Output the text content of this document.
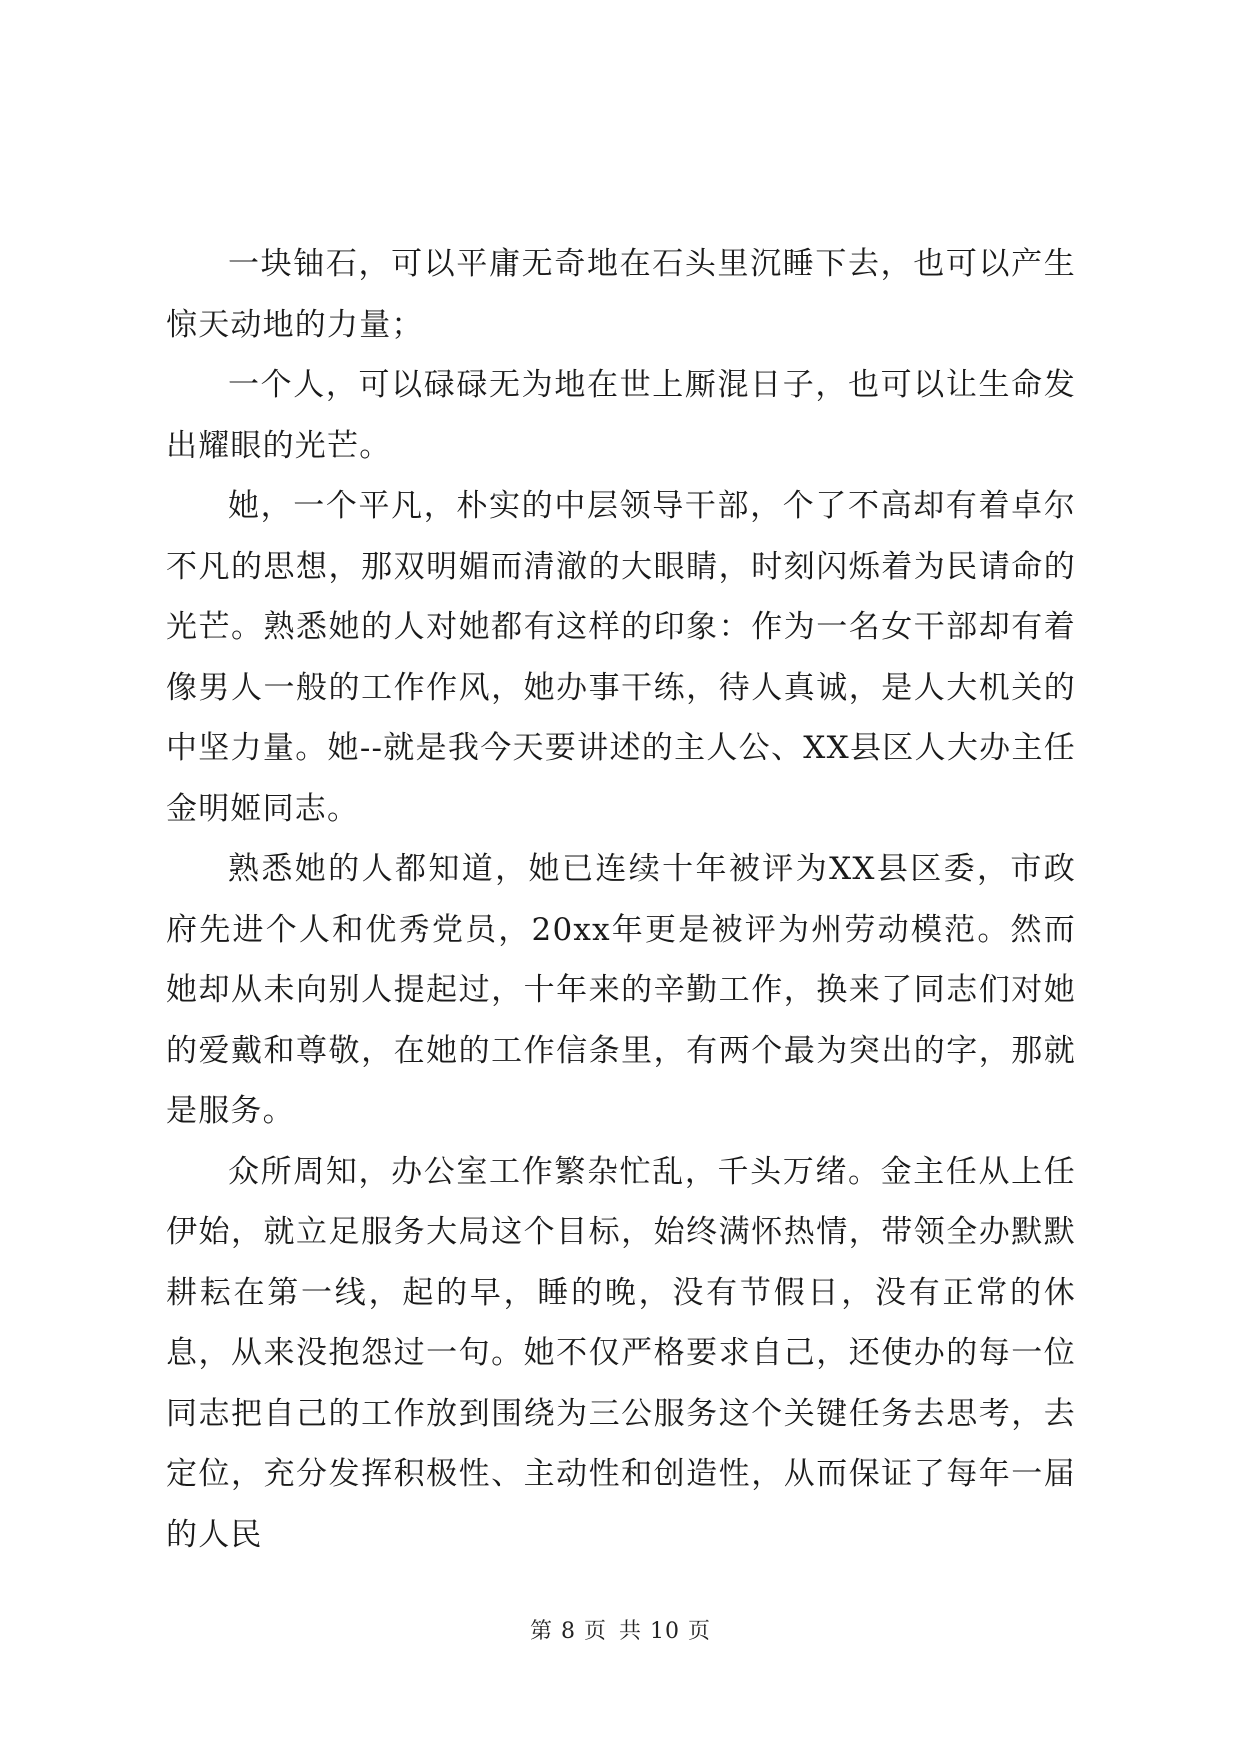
一块铀石，可以平庸无奇地在石头里沉睡下去，也可以产生惊天动地的力量；

一个人，可以碌碌无为地在世上厮混日子，也可以让生命发出耀眼的光芒。

她，一个平凡，朴实的中层领导干部，个了不高却有着卓尔不凡的思想，那双明媚而清澈的大眼睛，时刻闪烁着为民请命的光芒。熟悉她的人对她都有这样的印象：作为一名女干部却有着像男人一般的工作作风，她办事干练，待人真诚，是人大机关的中坚力量。她--就是我今天要讲述的主人公、XX县区人大办主任金明姬同志。

熟悉她的人都知道，她已连续十年被评为XX县区委，市政府先进个人和优秀党员，20xx年更是被评为州劳动模范。然而她却从未向别人提起过，十年来的辛勤工作，换来了同志们对她的爱戴和尊敬，在她的工作信条里，有两个最为突出的字，那就是服务。

众所周知，办公室工作繁杂忙乱，千头万绪。金主任从上任伊始，就立足服务大局这个目标，始终满怀热情，带领全办默默耕耘在第一线，起的早，睡的晚，没有节假日，没有正常的休息，从来没抱怨过一句。她不仅严格要求自己，还使办的每一位同志把自己的工作放到围绕为三公服务这个关键任务去思考，去定位，充分发挥积极性、主动性和创造性，从而保证了每年一届的人民

第 8 页 共 10 页
